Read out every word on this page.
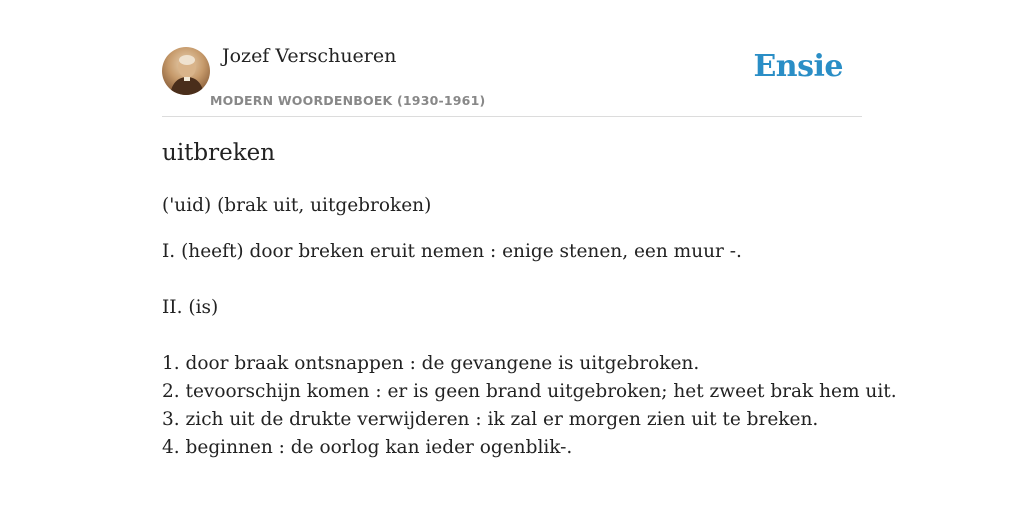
Jozef Verschueren
MODERN WOORDENBOEK (1930-1961)
Ensie
uitbreken
('uid) (brak uit, uitgebroken)
I. (heeft) door breken eruit nemen : enige stenen, een muur -.
II. (is)
1. door braak ontsnappen : de gevangene is uitgebroken.
2. tevoorschijn komen : er is geen brand uitgebroken; het zweet brak hem uit.
3. zich uit de drukte verwijderen : ik zal er morgen zien uit te breken.
4. beginnen : de oorlog kan ieder ogenblik-.
